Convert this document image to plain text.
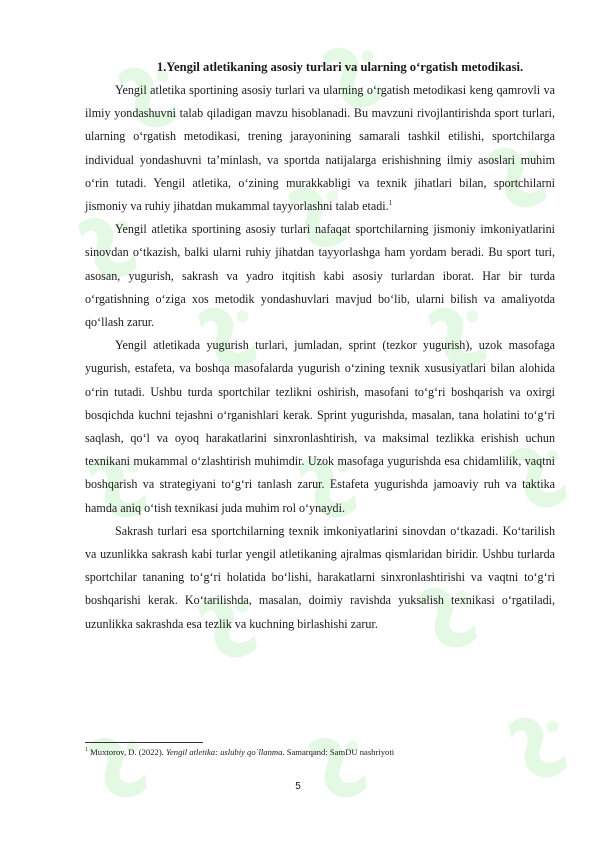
1.Yengil atletikaning asosiy turlari va ularning o‘rgatish metodikasi.

Yengil atletika sportining asosiy turlari va ularning o‘rgatish metodikasi keng qamrovli va ilmiy yondashuvni talab qiladigan mavzu hisoblanadi. Bu mavzuni rivojlantirishda sport turlari, ularning o‘rgatish metodikasi, trening jarayonining samarali tashkil etilishi, sportchilarga individual yondashuvni ta’minlash, va sportda natijalarga erishishning ilmiy asoslari muhim o‘rin tutadi. Yengil atletika, o‘zining murakkabligi va texnik jihatlari bilan, sportchilarni jismoniy va ruhiy jihatdan mukammal tayyorlashni talab etadi.$^1$

Yengil atletika sportining asosiy turlari nafaqat sportchilarning jismoniy imkoniyatlarini sinovdan o‘tkazish, balki ularni ruhiy jihatdan tayyorlashga ham yordam beradi. Bu sport turi, asosan, yugurish, sakrash va yadro itqitish kabi asosiy turlardan iborat. Har bir turda o‘rgatishning o‘ziga xos metodik yondashuvlari mavjud bo‘lib, ularni bilish va amaliyotda qo‘llash zarur.

Yengil atletikada yugurish turlari, jumladan, sprint (tezkor yugurish), uzok masofaga yugurish, estafeta, va boshqa masofalarda yugurish o‘zining texnik xususiyatlari bilan alohida o‘rin tutadi. Ushbu turda sportchilar tezlikni oshirish, masofani to‘g‘ri boshqarish va oxirgi bosqichda kuchni tejashni o‘rganishlari kerak. Sprint yugurishda, masalan, tana holatini to‘g‘ri saqlash, qo‘l va oyoq harakatlarini sinxronlashtirish, va maksimal tezlikka erishish uchun texnikani mukammal o‘zlashtirish muhimdir. Uzok masofaga yugurishda esa chidamlilik, vaqtni boshqarish va strategiyani to‘g‘ri tanlash zarur. Estafeta yugurishda jamoaviy ruh va taktika hamda aniq o‘tish texnikasi juda muhim rol o‘ynaydi.

Sakrash turlari esa sportchilarning texnik imkoniyatlarini sinovdan o‘tkazadi. Ko‘tarilish va uzunlikka sakrash kabi turlar yengil atletikaning ajralmas qismlaridan biridir. Ushbu turlarda sportchilar tananing to‘g‘ri holatida bo‘lishi, harakatlarni sinxronlashtirishi va vaqtni to‘g‘ri boshqarishi kerak. Ko‘tarilishda, masalan, doimiy ravishda yuksalish texnikasi o‘rgatiladi, uzunlikka sakrashda esa tezlik va kuchning birlashishi zarur.

$^1$ Muxtorov, D. (2022). Yengil atletika: uslubiy qo`llanma. Samarqand: SamDU nashriyoti
5
